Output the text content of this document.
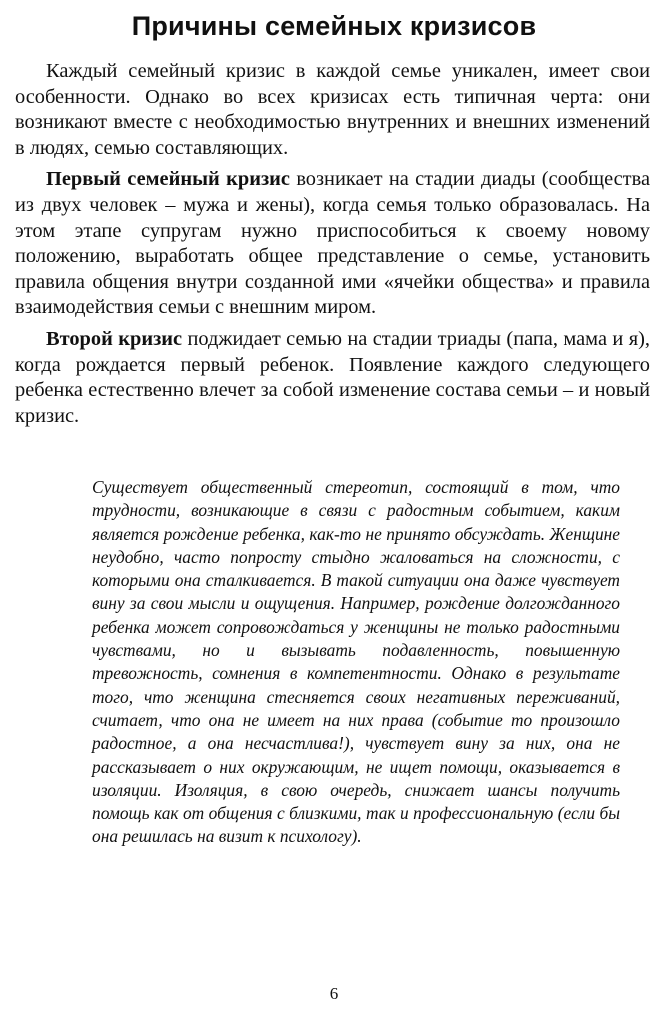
Причины семейных кризисов

Каждый семейный кризис в каждой семье уникален, имеет свои особенности. Однако во всех кризисах есть типичная черта: они возникают вместе с необходимостью внутренних и внешних изменений в людях, семью составляющих.

Первый семейный кризис возникает на стадии диады (сообщества из двух человек – мужа и жены), когда семья только образовалась. На этом этапе супругам нужно приспособиться к своему новому положению, выработать общее представление о семье, установить правила общения внутри созданной ими «ячейки общества» и правила взаимодействия семьи с внешним миром.

Второй кризис поджидает семью на стадии триады (папа, мама и я), когда рождается первый ребенок. Появление каждого следующего ребенка естественно влечет за собой изменение состава семьи – и новый кризис.

Существует общественный стереотип, состоящий в том, что трудности, возникающие в связи с радостным событием, каким является рождение ребенка, как-то не принято обсуждать. Женщине неудобно, часто попросту стыдно жаловаться на сложности, с которыми она сталкивается. В такой ситуации она даже чувствует вину за свои мысли и ощущения. Например, рождение долгожданного ребенка может сопровождаться у женщины не только радостными чувствами, но и вызывать подавленность, повышенную тревожность, сомнения в компетентности. Однако в результате того, что женщина стесняется своих негативных переживаний, считает, что она не имеет на них права (событие то произошло радостное, а она несчастлива!), чувствует вину за них, она не рассказывает о них окружающим, не ищет помощи, оказывается в изоляции. Изоляция, в свою очередь, снижает шансы получить помощь как от общения с близкими, так и профессиональную (если бы она решилась на визит к психологу).

6
